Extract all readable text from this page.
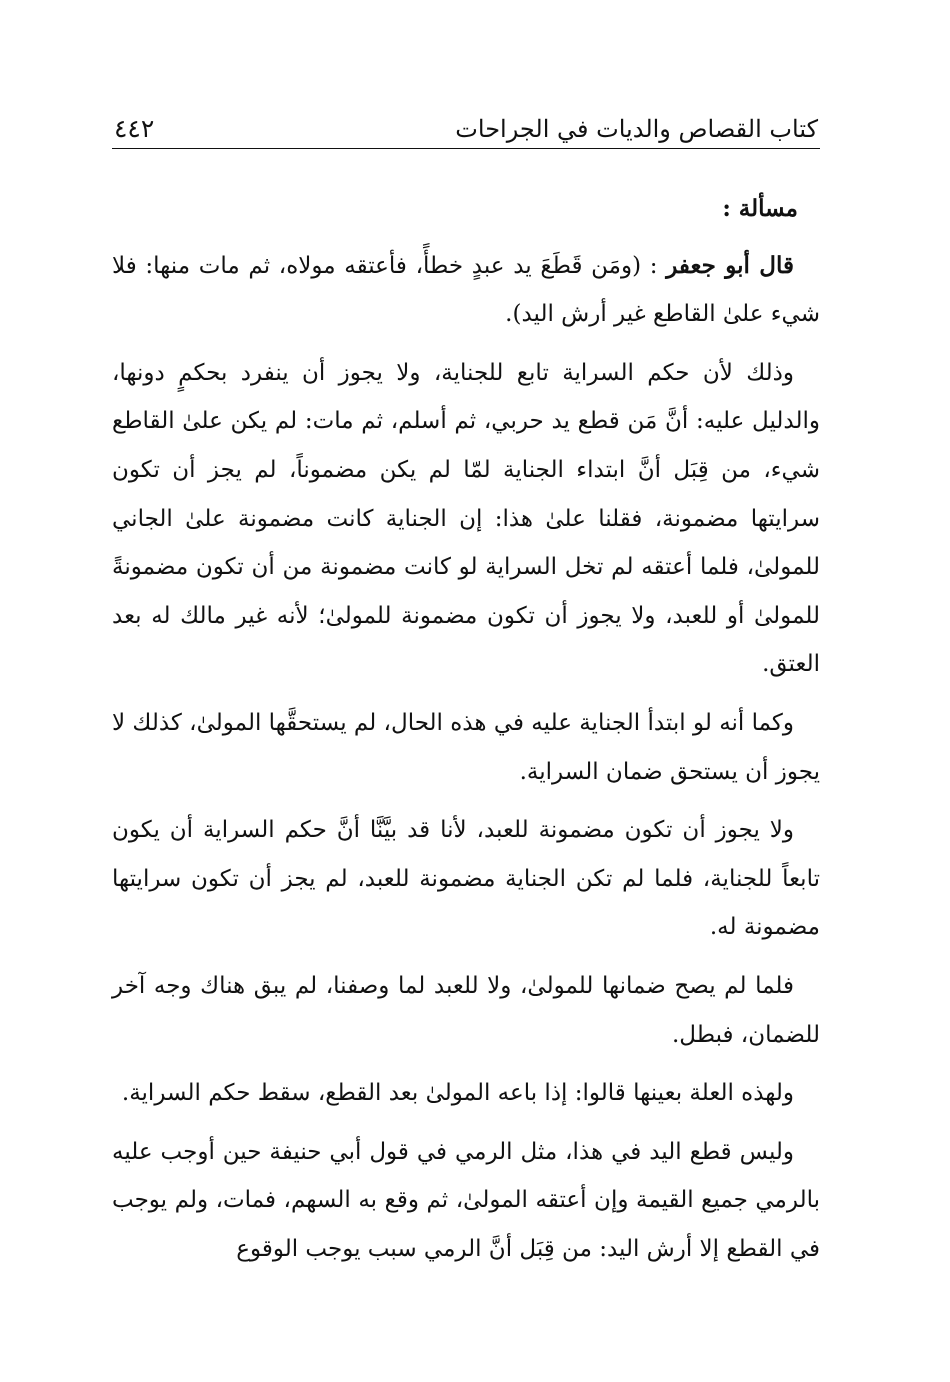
كتاب القصاص والديات في الجراحات
٤٤٢

مسألة :

قال أبو جعفر : (ومَن قَطَعَ يد عبدٍ خطأً، فأعتقه مولاه، ثم مات منها: فلا شيء علىٰ القاطع غير أرش اليد).

وذلك لأن حكم السراية تابع للجناية، ولا يجوز أن ينفرد بحكمٍ دونها، والدليل عليه: أنَّ مَن قطع يد حربي، ثم أسلم، ثم مات: لم يكن علىٰ القاطع شيء، من قِبَل أنَّ ابتداء الجناية لمّا لم يكن مضموناً، لم يجز أن تكون سرايتها مضمونة، فقلنا علىٰ هذا: إن الجناية كانت مضمونة علىٰ الجاني للمولىٰ، فلما أعتقه لم تخل السراية لو كانت مضمونة من أن تكون مضمونةً للمولىٰ أو للعبد، ولا يجوز أن تكون مضمونة للمولىٰ؛ لأنه غير مالك له بعد العتق.

وكما أنه لو ابتدأ الجناية عليه في هذه الحال، لم يستحقَّها المولىٰ، كذلك لا يجوز أن يستحق ضمان السراية.

ولا يجوز أن تكون مضمونة للعبد، لأنا قد بيَّنَّا أنَّ حكم السراية أن يكون تابعاً للجناية، فلما لم تكن الجناية مضمونة للعبد، لم يجز أن تكون سرايتها مضمونة له.

فلما لم يصح ضمانها للمولىٰ، ولا للعبد لما وصفنا، لم يبق هناك وجه آخر للضمان، فبطل.

ولهذه العلة بعينها قالوا: إذا باعه المولىٰ بعد القطع، سقط حكم السراية.

وليس قطع اليد في هذا، مثل الرمي في قول أبي حنيفة حين أوجب عليه بالرمي جميع القيمة وإن أعتقه المولىٰ، ثم وقع به السهم، فمات، ولم يوجب في القطع إلا أرش اليد: من قِبَل أنَّ الرمي سبب يوجب الوقوع
